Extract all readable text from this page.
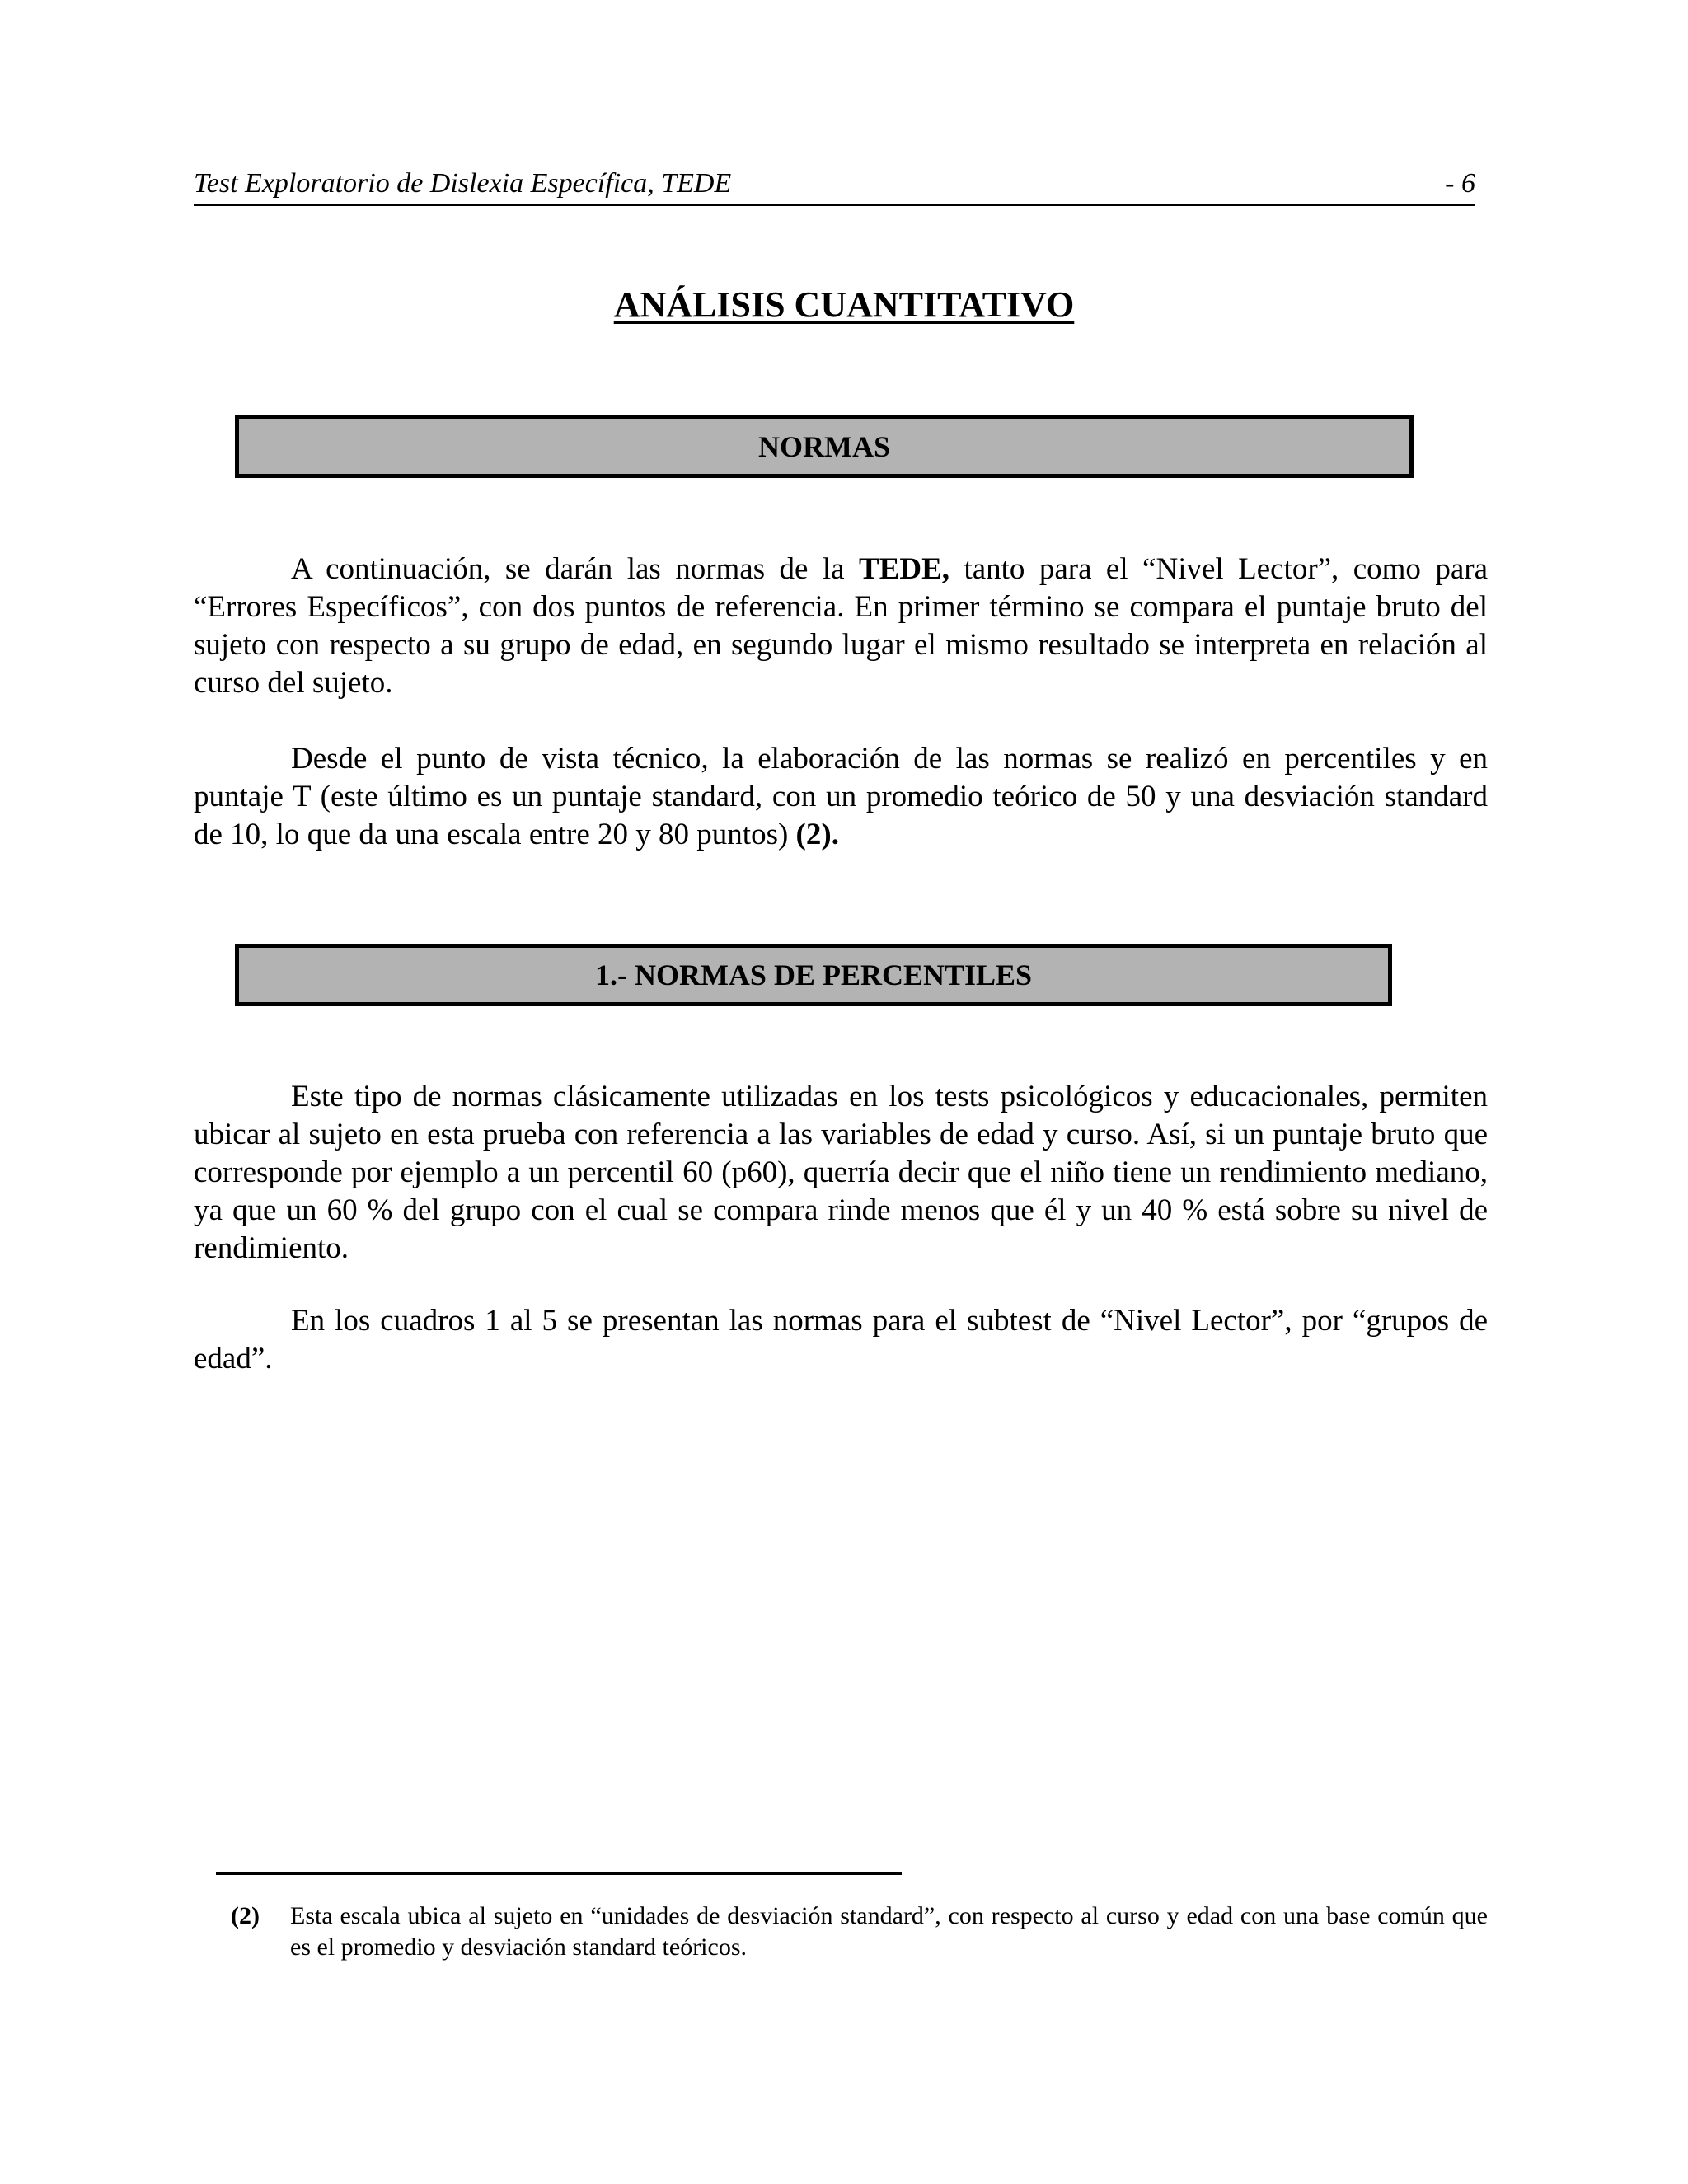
Test Exploratorio de Dislexia Específica, TEDE	- 6
ANÁLISIS CUANTITATIVO
NORMAS

A continuación, se darán las normas de la TEDE, tanto para el “Nivel Lector”, como para “Errores Específicos”, con dos puntos de referencia. En primer término se compara el puntaje bruto del sujeto con respecto a su grupo de edad, en segundo lugar el mismo resultado se interpreta en relación al curso del sujeto.

Desde el punto de vista técnico, la elaboración de las normas se realizó en percentiles y en puntaje T (este último es un puntaje standard, con un promedio teórico de 50 y una desviación standard de 10, lo que da una escala entre 20 y 80 puntos) (2).

1.- NORMAS DE PERCENTILES

Este tipo de normas clásicamente utilizadas en los tests psicológicos y educacionales, permiten ubicar al sujeto en esta prueba con referencia a las variables de edad y curso. Así, si un puntaje bruto que corresponde por ejemplo a un percentil 60 (p60), querría decir que el niño tiene un rendimiento mediano, ya que un 60 % del grupo con el cual se compara rinde menos que él y un 40 % está sobre su nivel de rendimiento.

En los cuadros 1 al 5 se presentan las normas para el subtest de “Nivel Lector”, por “grupos de edad”.

(2) Esta escala ubica al sujeto en “unidades de desviación standard”, con respecto al curso y edad con una base común que es el promedio y desviación standard teóricos.
